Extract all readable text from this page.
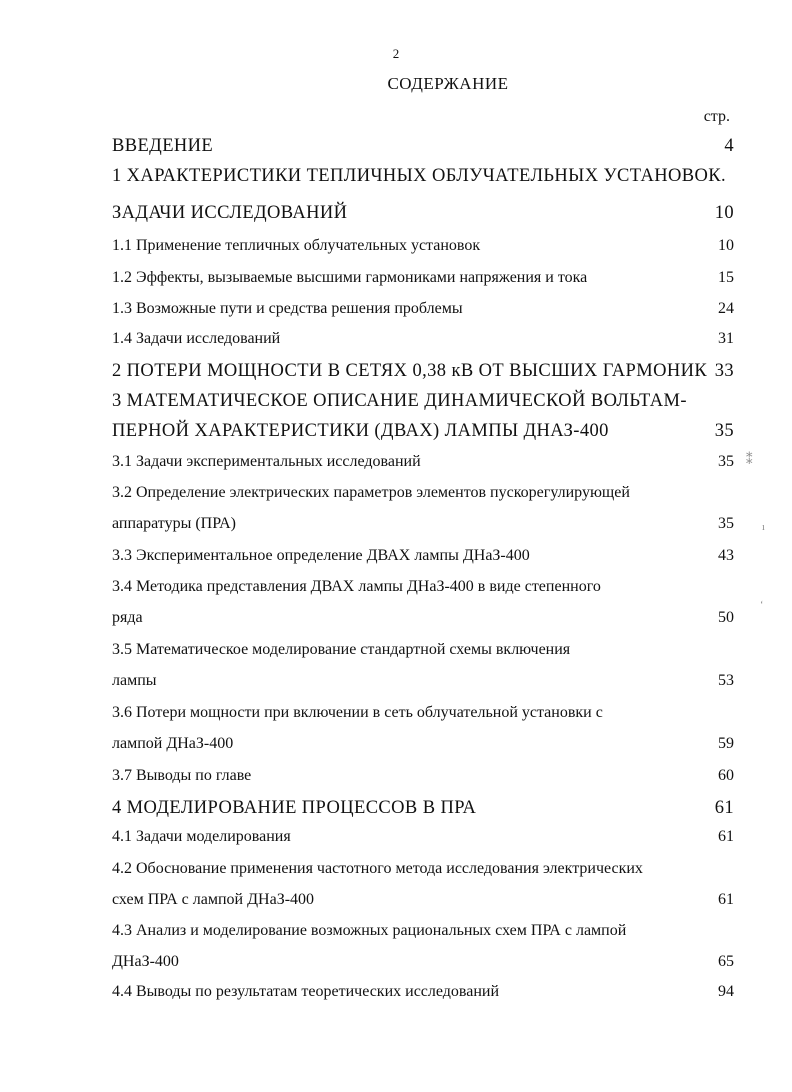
2
СОДЕРЖАНИЕ
стр.
ВВЕДЕНИЕ	4
1 ХАРАКТЕРИСТИКИ ТЕПЛИЧНЫХ ОБЛУЧАТЕЛЬНЫХ УСТАНОВОК.
ЗАДАЧИ ИССЛЕДОВАНИЙ	10
1.1 Применение тепличных облучательных установок	10
1.2 Эффекты, вызываемые высшими гармониками напряжения и тока	15
1.3 Возможные пути и средства решения проблемы	24
1.4 Задачи исследований	31
2 ПОТЕРИ МОЩНОСТИ В СЕТЯХ 0,38 кВ ОТ ВЫСШИХ ГАРМОНИК 33
3 МАТЕМАТИЧЕСКОЕ ОПИСАНИЕ ДИНАМИЧЕСКОЙ ВОЛЬТАМ-
ПЕРНОЙ ХАРАКТЕРИСТИКИ (ДВАХ) ЛАМПЫ ДНАЗ-400	35
3.1 Задачи экспериментальных исследований	35
3.2 Определение электрических параметров элементов пускорегулирующей
аппаратуры (ПРА)	35
3.3 Экспериментальное определение ДВАХ лампы ДНаЗ-400	43
3.4 Методика представления ДВАХ лампы ДНаЗ-400 в виде степенного
ряда	50
3.5 Математическое моделирование стандартной схемы включения
лампы	53
3.6 Потери мощности при включении в сеть облучательной установки с
лампой ДНаЗ-400	59
3.7 Выводы по главе	60
4 МОДЕЛИРОВАНИЕ ПРОЦЕССОВ В ПРА	61
4.1 Задачи моделирования	61
4.2 Обоснование применения частотного метода исследования электрических
схем ПРА с лампой ДНаЗ-400	61
4.3 Анализ и моделирование возможных рациональных схем ПРА с лампой
ДНаЗ-400	65
4.4 Выводы по результатам теоретических исследований	94
⁑
ı
ʻ
